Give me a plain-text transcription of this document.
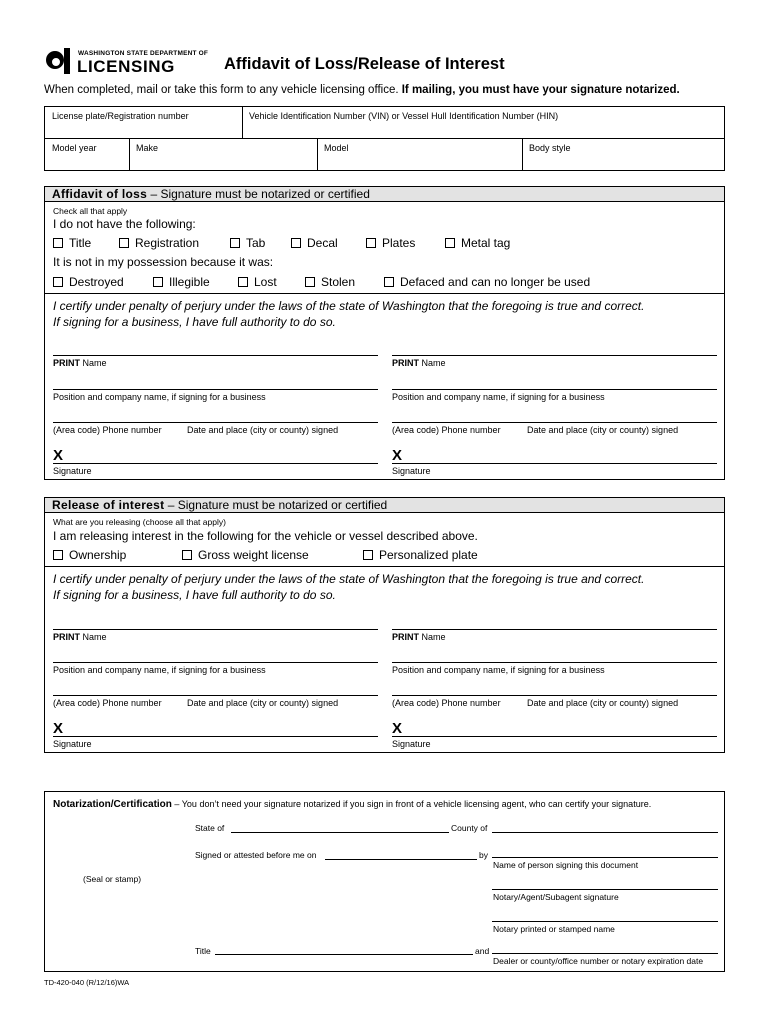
WASHINGTON STATE DEPARTMENT OF
LICENSING	Affidavit of Loss/Release of Interest
When completed, mail or take this form to any vehicle licensing office. If mailing, you must have your signature notarized.
License plate/Registration number	Vehicle Identification Number (VIN) or Vessel Hull Identification Number (HIN)
Model year	Make	Model	Body style
Affidavit of loss – Signature must be notarized or certified
Check all that apply
I do not have the following:
Title	Registration	Tab	Decal	Plates	Metal tag
It is not in my possession because it was:
Destroyed	Illegible	Lost	Stolen	Defaced and can no longer be used
I certify under penalty of perjury under the laws of the state of Washington that the foregoing is true and correct.
If signing for a business, I have full authority to do so.
PRINT Name	PRINT Name
Position and company name, if signing for a business	Position and company name, if signing for a business
(Area code) Phone number	Date and place (city or county) signed	(Area code) Phone number	Date and place (city or county) signed
X	X
Signature	Signature
Release of interest – Signature must be notarized or certified
What are you releasing (choose all that apply)
I am releasing interest in the following for the vehicle or vessel described above.
Ownership	Gross weight license	Personalized plate
I certify under penalty of perjury under the laws of the state of Washington that the foregoing is true and correct.
If signing for a business, I have full authority to do so.
PRINT Name	PRINT Name
Position and company name, if signing for a business	Position and company name, if signing for a business
(Area code) Phone number	Date and place (city or county) signed	(Area code) Phone number	Date and place (city or county) signed
X	X
Signature	Signature
Notarization/Certification – You don’t need your signature notarized if you sign in front of a vehicle licensing agent, who can certify your signature.
State of	County of
Signed or attested before me on	by
Name of person signing this document
(Seal or stamp)
Notary/Agent/Subagent signature
Notary printed or stamped name
Title	and
Dealer or county/office number or notary expiration date
TD-420-040 (R/12/16)WA
